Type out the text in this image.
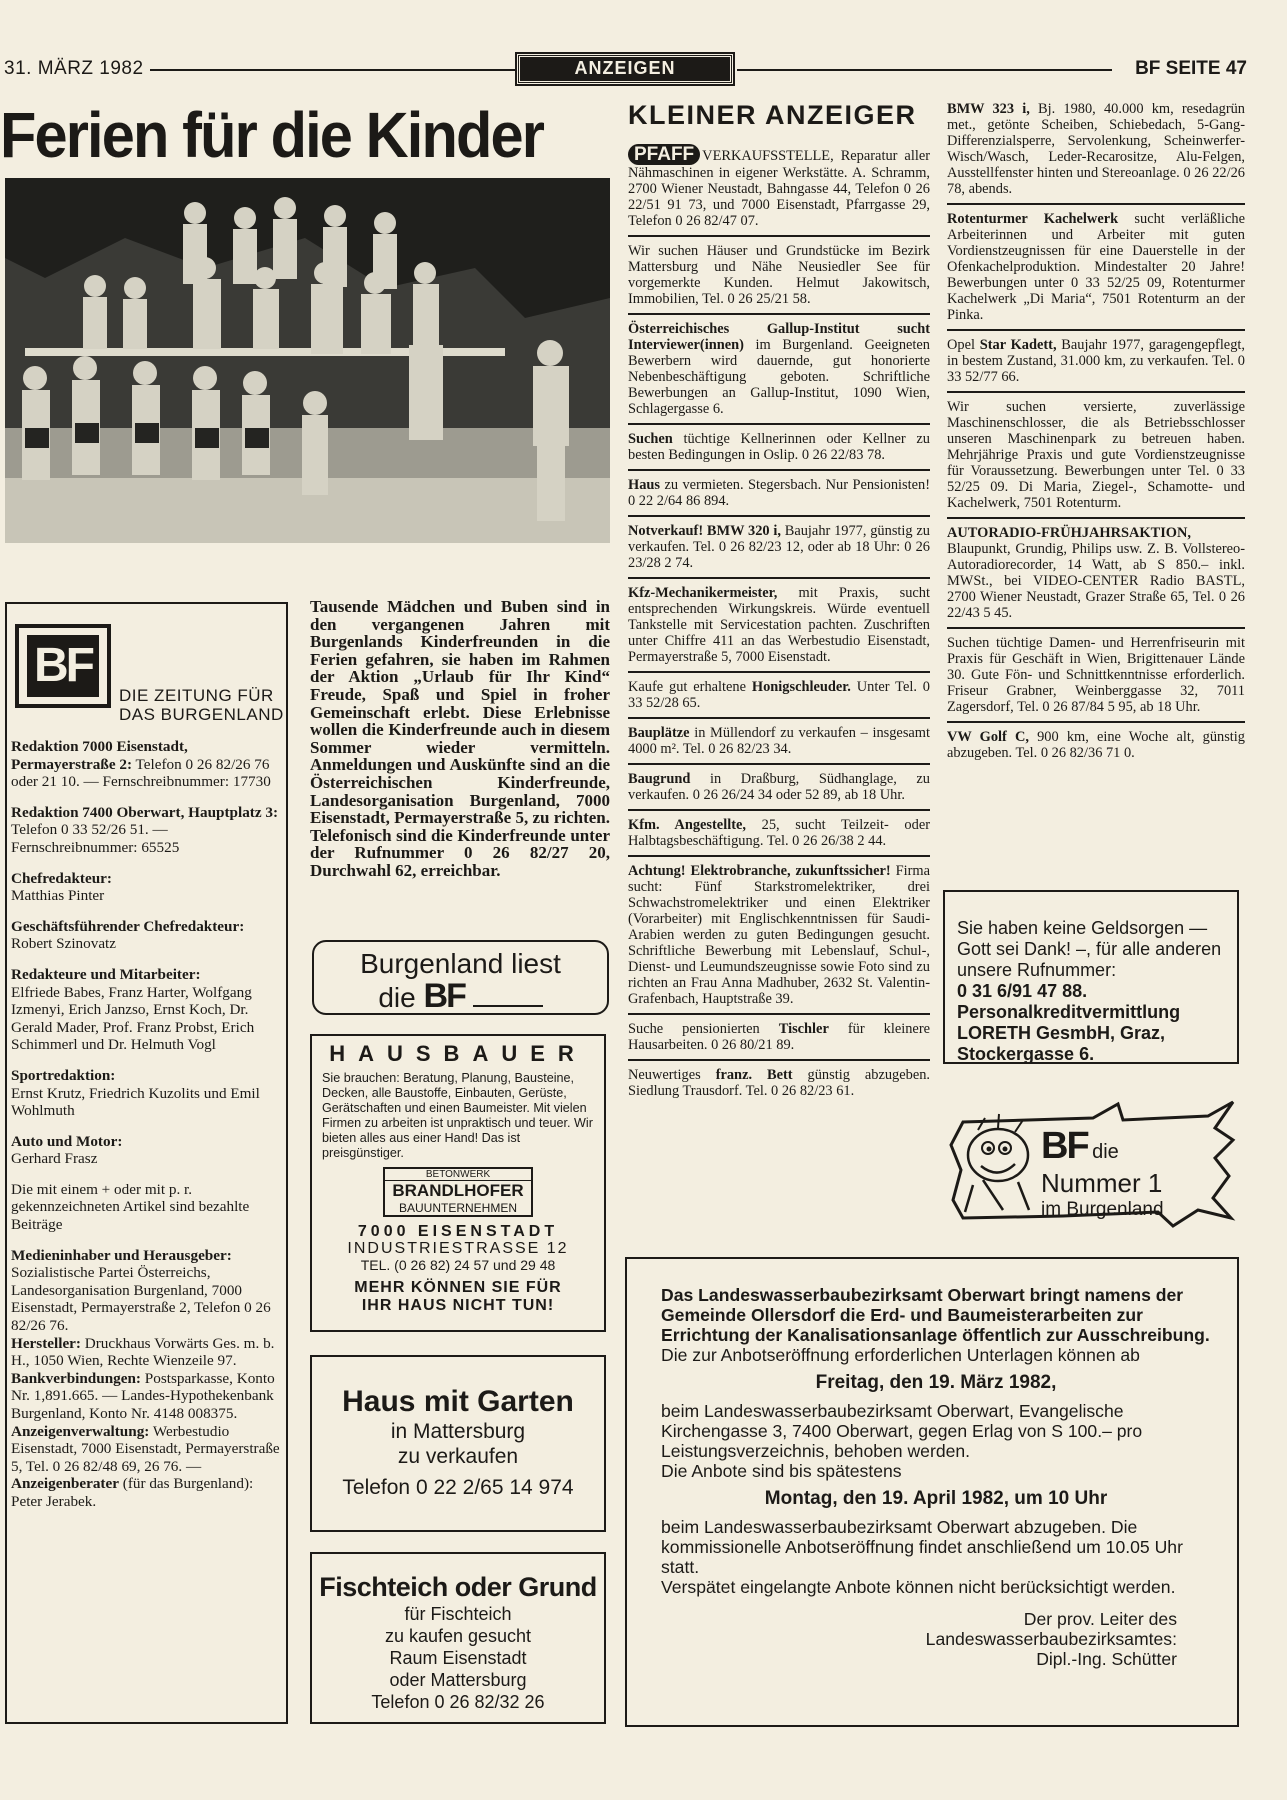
31. MÄRZ 1982	ANZEIGEN	BF SEITE 47
Ferien für die Kinder
BF
DIE ZEITUNG FÜR
DAS BURGENLAND

Redaktion 7000 Eisenstadt, Permayerstraße 2: Telefon 0 26 82/26 76 oder 21 10. — Fernschreibnummer: 17730

Redaktion 7400 Oberwart, Hauptplatz 3: Telefon 0 33 52/26 51. — Fernschreibnummer: 65525

Chefredakteur:
Matthias Pinter

Geschäftsführender Chefredakteur:
Robert Szinovatz

Redakteure und Mitarbeiter:
Elfriede Babes, Franz Harter, Wolfgang Izmenyi, Erich Janzso, Ernst Koch, Dr. Gerald Mader, Prof. Franz Probst, Erich Schimmerl und Dr. Helmuth Vogl

Sportredaktion:
Ernst Krutz, Friedrich Kuzolits und Emil Wohlmuth

Auto und Motor:
Gerhard Frasz

Die mit einem + oder mit p. r. gekennzeichneten Artikel sind bezahlte Beiträge

Medieninhaber und Herausgeber: Sozialistische Partei Österreichs, Landesorganisation Burgenland, 7000 Eisenstadt, Permayerstraße 2, Telefon 0 26 82/26 76.
Hersteller: Druckhaus Vorwärts Ges. m. b. H., 1050 Wien, Rechte Wienzeile 97.
Bankverbindungen: Postsparkasse, Konto Nr. 1,891.665. — Landes-Hypothekenbank Burgenland, Konto Nr. 4148 008375.
Anzeigenverwaltung: Werbestudio Eisenstadt, 7000 Eisenstadt, Permayerstraße 5, Tel. 0 26 82/48 69, 26 76. — Anzeigenberater (für das Burgenland): Peter Jerabek.

Tausende Mädchen und Buben sind in den vergangenen Jahren mit Burgenlands Kinderfreunden in die Ferien gefahren, sie haben im Rahmen der Aktion „Urlaub für Ihr Kind“ Freude, Spaß und Spiel in froher Gemeinschaft erlebt. Diese Erlebnisse wollen die Kinderfreunde auch in diesem Sommer wieder vermitteln. Anmeldungen und Auskünfte sind an die Österreichischen Kinderfreunde, Landesorganisation Burgenland, 7000 Eisenstadt, Permayerstraße 5, zu richten. Telefonisch sind die Kinderfreunde unter der Rufnummer 0 26 82/27 20, Durchwahl 62, erreichbar.
Burgenland liest
die BF
HAUSBAUER
Sie brauchen: Beratung, Planung, Bausteine, Decken, alle Baustoffe, Einbauten, Gerüste, Gerätschaften und einen Baumeister. Mit vielen Firmen zu arbeiten ist unpraktisch und teuer. Wir bieten alles aus einer Hand! Das ist preisgünstiger.
BETONWERK
BRANDLHOFER
BAUUNTERNEHMEN
7000 EISENSTADT
INDUSTRIESTRASSE 12
TEL. (0 26 82) 24 57 und 29 48
MEHR KÖNNEN SIE FÜR
IHR HAUS NICHT TUN!
Haus mit Garten
in Mattersburg
zu verkaufen
Telefon 0 22 2/65 14 974
Fischteich oder Grund
für Fischteich
zu kaufen gesucht
Raum Eisenstadt
oder Mattersburg
Telefon 0 26 82/32 26
KLEINER ANZEIGER
PFAFF VERKAUFSSTELLE, Reparatur aller Nähmaschinen in eigener Werkstätte. A. Schramm, 2700 Wiener Neustadt, Bahngasse 44, Telefon 0 26 22/51 91 73, und 7000 Eisenstadt, Pfarrgasse 29, Telefon 0 26 82/47 07.
Wir suchen Häuser und Grundstücke im Bezirk Mattersburg und Nähe Neusiedler See für vorgemerkte Kunden. Helmut Jakowitsch, Immobilien, Tel. 0 26 25/21 58.
Österreichisches Gallup-Institut sucht Interviewer(innen) im Burgenland. Geeigneten Bewerbern wird dauernde, gut honorierte Nebenbeschäftigung geboten. Schriftliche Bewerbungen an Gallup-Institut, 1090 Wien, Schlagergasse 6.
Suchen tüchtige Kellnerinnen oder Kellner zu besten Bedingungen in Oslip. 0 26 22/83 78.
Haus zu vermieten. Stegersbach. Nur Pensionisten! 0 22 2/64 86 894.
Notverkauf! BMW 320 i, Baujahr 1977, günstig zu verkaufen. Tel. 0 26 82/23 12, oder ab 18 Uhr: 0 26 23/28 2 74.
Kfz-Mechanikermeister, mit Praxis, sucht entsprechenden Wirkungskreis. Würde eventuell Tankstelle mit Servicestation pachten. Zuschriften unter Chiffre 411 an das Werbestudio Eisenstadt, Permayerstraße 5, 7000 Eisenstadt.
Kaufe gut erhaltene Honigschleuder. Unter Tel. 0 33 52/28 65.
Bauplätze in Müllendorf zu verkaufen – insgesamt 4000 m². Tel. 0 26 82/23 34.
Baugrund in Draßburg, Südhanglage, zu verkaufen. 0 26 26/24 34 oder 52 89, ab 18 Uhr.
Kfm. Angestellte, 25, sucht Teilzeit- oder Halbtagsbeschäftigung. Tel. 0 26 26/38 2 44.
Achtung! Elektrobranche, zukunftssicher! Firma sucht: Fünf Starkstromelektriker, drei Schwachstromelektriker und einen Elektriker (Vorarbeiter) mit Englischkenntnissen für Saudi-Arabien werden zu guten Bedingungen gesucht. Schriftliche Bewerbung mit Lebenslauf, Schul-, Dienst- und Leumundszeugnisse sowie Foto sind zu richten an Frau Anna Madhuber, 2632 St. Valentin-Grafenbach, Hauptstraße 39.
Suche pensionierten Tischler für kleinere Hausarbeiten. 0 26 80/21 89.
Neuwertiges franz. Bett günstig abzugeben. Siedlung Trausdorf. Tel. 0 26 82/23 61.
BMW 323 i, Bj. 1980, 40.000 km, resedagrün met., getönte Scheiben, Schiebedach, 5-Gang-Differenzialsperre, Servolenkung, Scheinwerfer-Wisch/Wasch, Leder-Recarositze, Alu-Felgen, Ausstellfenster hinten und Stereoanlage. 0 26 22/26 78, abends.
Rotenturmer Kachelwerk sucht verläßliche Arbeiterinnen und Arbeiter mit guten Vordienstzeugnissen für eine Dauerstelle in der Ofenkachelproduktion. Mindestalter 20 Jahre! Bewerbungen unter 0 33 52/25 09, Rotenturmer Kachelwerk „Di Maria“, 7501 Rotenturm an der Pinka.
Opel Star Kadett, Baujahr 1977, garagengepflegt, in bestem Zustand, 31.000 km, zu verkaufen. Tel. 0 33 52/77 66.
Wir suchen versierte, zuverlässige Maschinenschlosser, die als Betriebsschlosser unseren Maschinenpark zu betreuen haben. Mehrjährige Praxis und gute Vordienstzeugnisse für Voraussetzung. Bewerbungen unter Tel. 0 33 52/25 09. Di Maria, Ziegel-, Schamotte- und Kachelwerk, 7501 Rotenturm.
AUTORADIO-FRÜHJAHRSAKTION, Blaupunkt, Grundig, Philips usw. Z. B. Vollstereo-Autoradiorecorder, 14 Watt, ab S 850.– inkl. MWSt., bei VIDEO-CENTER Radio BASTL, 2700 Wiener Neustadt, Grazer Straße 65, Tel. 0 26 22/43 5 45.
Suchen tüchtige Damen- und Herrenfriseurin mit Praxis für Geschäft in Wien, Brigittenauer Lände 30. Gute Fön- und Schnittkenntnisse erforderlich. Friseur Grabner, Weinberggasse 32, 7011 Zagersdorf, Tel. 0 26 87/84 5 95, ab 18 Uhr.
VW Golf C, 900 km, eine Woche alt, günstig abzugeben. Tel. 0 26 82/36 71 0.
Sie haben keine Geldsorgen —
Gott sei Dank! –, für alle anderen unsere Rufnummer:
0 31 6/91 47 88. Personalkreditvermittlung LORETH GesmbH, Graz, Stockergasse 6.
BF die
Nummer 1
im Burgenland
Das Landeswasserbaubezirksamt Oberwart bringt namens der Gemeinde Ollersdorf die Erd- und Baumeisterarbeiten zur Errichtung der Kanalisationsanlage öffentlich zur Ausschreibung.
Die zur Anbotseröffnung erforderlichen Unterlagen können ab
Freitag, den 19. März 1982,
beim Landeswasserbaubezirksamt Oberwart, Evangelische Kirchengasse 3, 7400 Oberwart, gegen Erlag von S 100.– pro Leistungsverzeichnis, behoben werden.
Die Anbote sind bis spätestens
Montag, den 19. April 1982, um 10 Uhr
beim Landeswasserbaubezirksamt Oberwart abzugeben. Die kommissionelle Anbotseröffnung findet anschließend um 10.05 Uhr statt.
Verspätet eingelangte Anbote können nicht berücksichtigt werden.
Der prov. Leiter des
Landeswasserbaubezirksamtes:
Dipl.-Ing. Schütter
